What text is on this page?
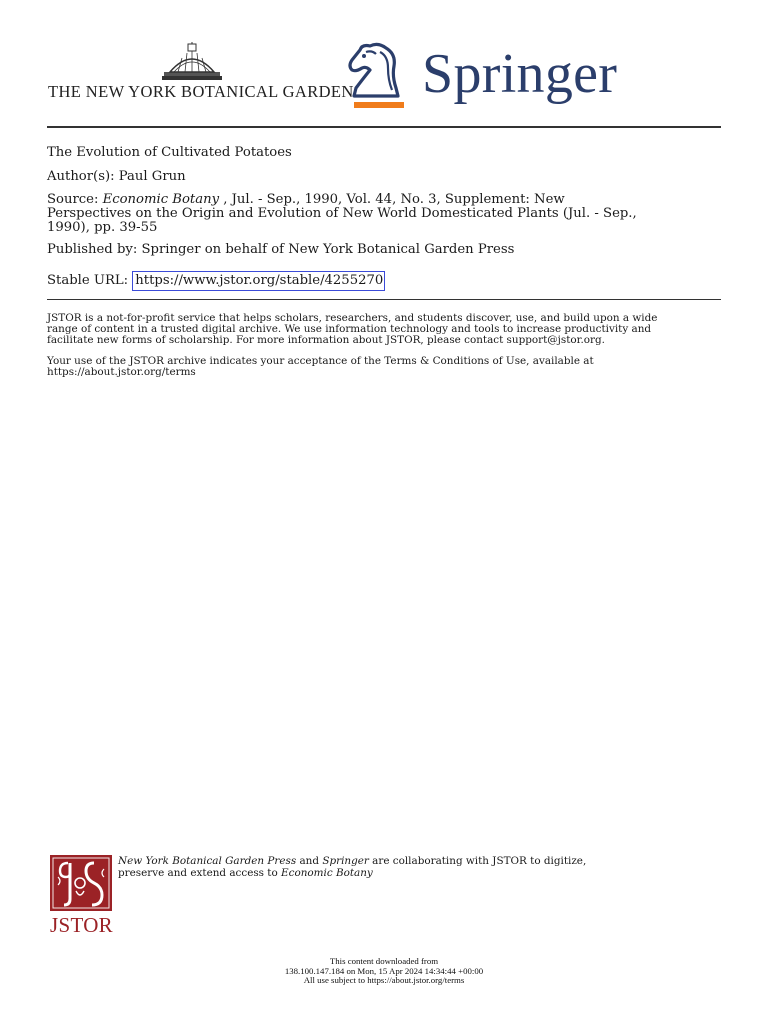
THE NEW YORK BOTANICAL GARDEN Springer
The Evolution of Cultivated Potatoes
Author(s): Paul Grun
Source: Economic Botany , Jul. - Sep., 1990, Vol. 44, No. 3, Supplement: New
Perspectives on the Origin and Evolution of New World Domesticated Plants (Jul. - Sep.,
1990), pp. 39-55
Published by: Springer on behalf of New York Botanical Garden Press
Stable URL: https://www.jstor.org/stable/4255270
JSTOR is a not-for-profit service that helps scholars, researchers, and students discover, use, and build upon a wide
range of content in a trusted digital archive. We use information technology and tools to increase productivity and
facilitate new forms of scholarship. For more information about JSTOR, please contact support@jstor.org.
Your use of the JSTOR archive indicates your acceptance of the Terms & Conditions of Use, available at
https://about.jstor.org/terms
JSTOR
New York Botanical Garden Press and Springer are collaborating with JSTOR to digitize,
preserve and extend access to Economic Botany
This content downloaded from
138.100.147.184 on Mon, 15 Apr 2024 14:34:44 +00:00
All use subject to https://about.jstor.org/terms
